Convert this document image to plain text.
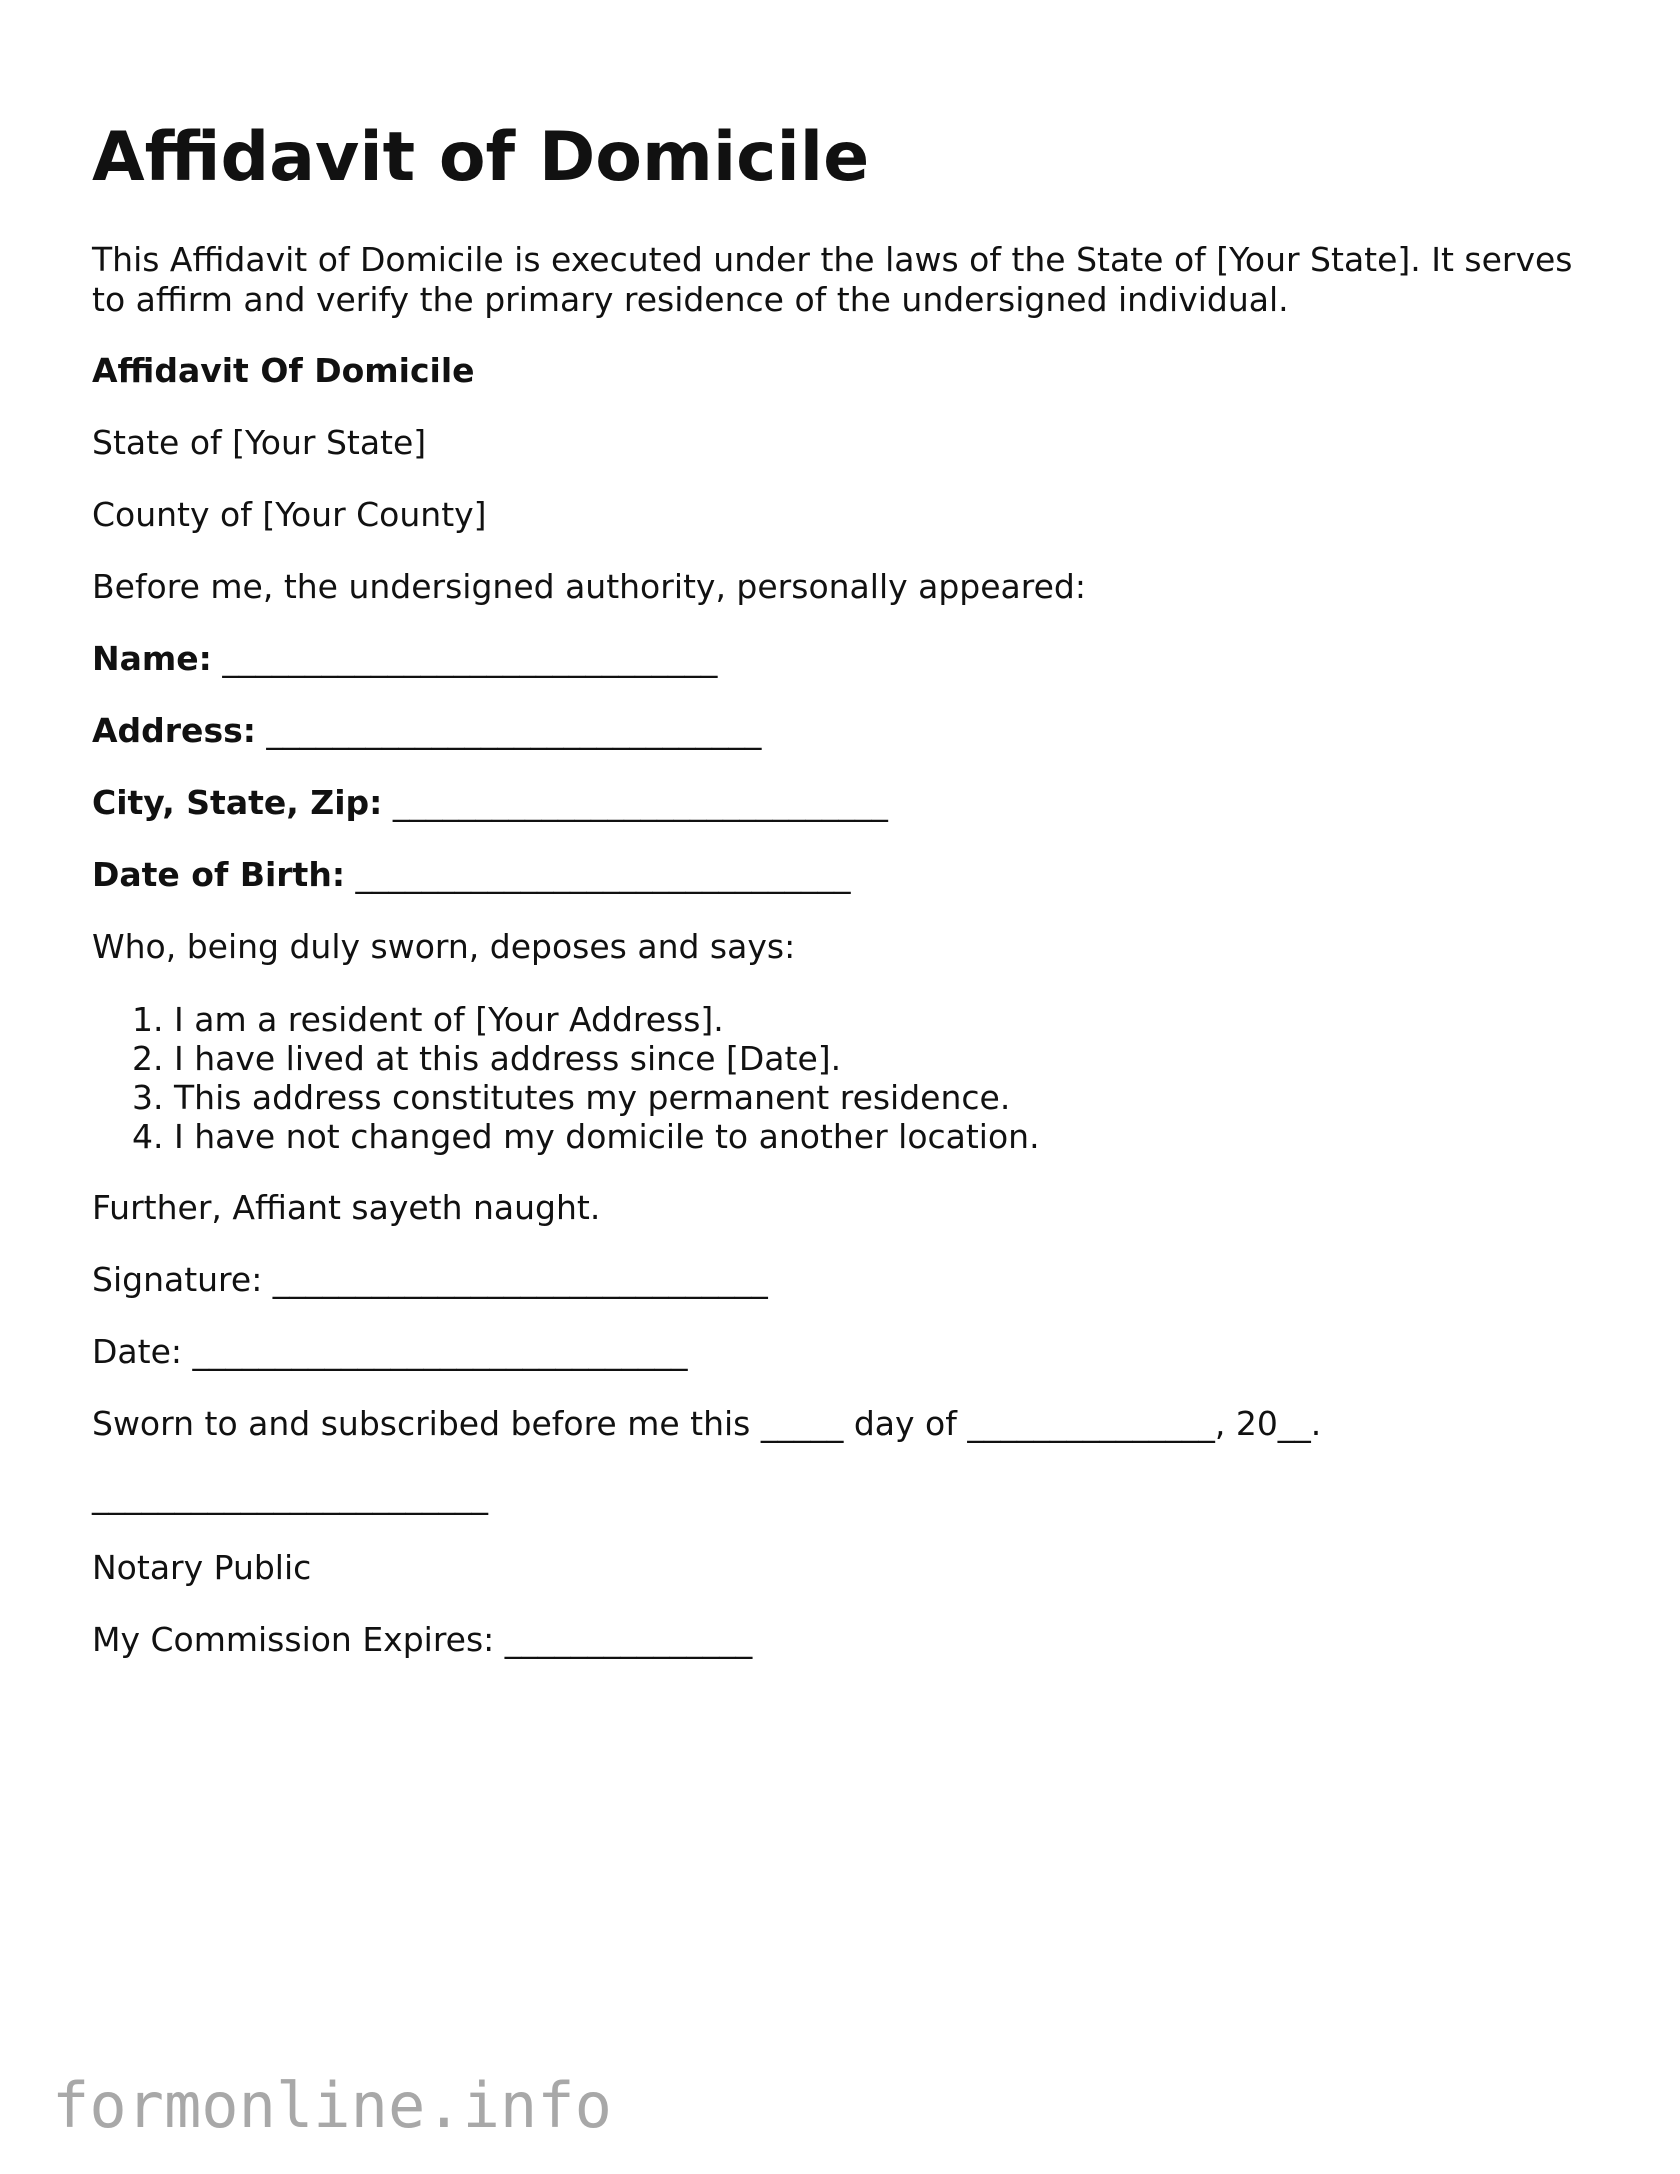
Affidavit of Domicile

This Affidavit of Domicile is executed under the laws of the State of [Your State]. It serves to affirm and verify the primary residence of the undersigned individual.

Affidavit Of Domicile

State of [Your State]

County of [Your County]

Before me, the undersigned authority, personally appeared:

Name: ______________________________

Address: ______________________________

City, State, Zip: ______________________________

Date of Birth: ______________________________

Who, being duly sworn, deposes and says:

1. I am a resident of [Your Address].
2. I have lived at this address since [Date].
3. This address constitutes my permanent residence.
4. I have not changed my domicile to another location.

Further, Affiant sayeth naught.

Signature: ______________________________

Date: ______________________________

Sworn to and subscribed before me this _____ day of _______________, 20__.

________________________

Notary Public

My Commission Expires: _______________

formonline.info
